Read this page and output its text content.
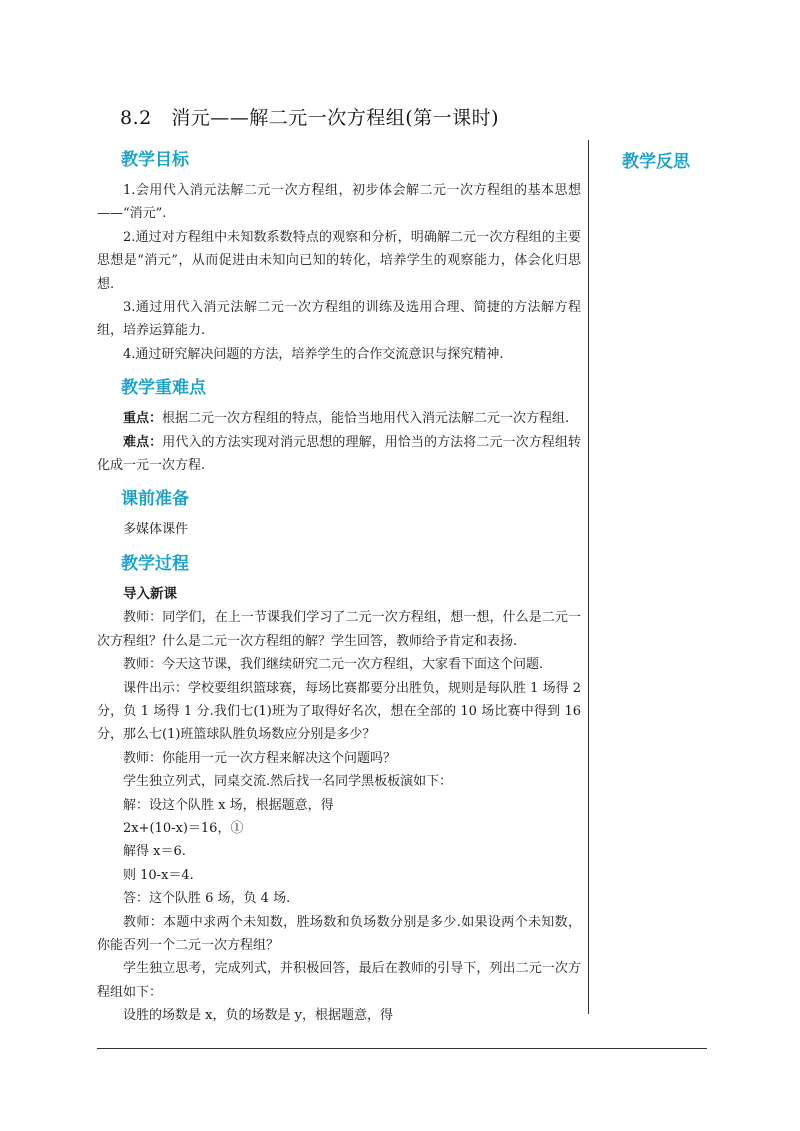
8.2　消元——解二元一次方程组(第一课时)
教学反思
教学目标

1.会用代入消元法解二元一次方程组，初步体会解二元一次方程组的基本思想——“消元”.

2.通过对方程组中未知数系数特点的观察和分析，明确解二元一次方程组的主要思想是“消元”，从而促进由未知向已知的转化，培养学生的观察能力，体会化归思想.

3.通过用代入消元法解二元一次方程组的训练及选用合理、简捷的方法解方程组，培养运算能力.

4.通过研究解决问题的方法，培养学生的合作交流意识与探究精神.

教学重难点

重点：根据二元一次方程组的特点，能恰当地用代入消元法解二元一次方程组.

难点：用代入的方法实现对消元思想的理解，用恰当的方法将二元一次方程组转化成一元一次方程.

课前准备

多媒体课件

教学过程
导入新课

教师：同学们，在上一节课我们学习了二元一次方程组，想一想，什么是二元一次方程组？什么是二元一次方程组的解？学生回答，教师给予肯定和表扬.

教师：今天这节课，我们继续研究二元一次方程组，大家看下面这个问题.

课件出示：学校要组织篮球赛，每场比赛都要分出胜负，规则是每队胜 1 场得 2 分，负 1 场得 1 分.我们七(1)班为了取得好名次，想在全部的 10 场比赛中得到 16 分，那么七(1)班篮球队胜负场数应分别是多少？

教师：你能用一元一次方程来解决这个问题吗？

学生独立列式，同桌交流.然后找一名同学黑板板演如下：

解：设这个队胜 x 场，根据题意，得

2x+(10-x)＝16，①

解得 x＝6.

则 10-x＝4.

答：这个队胜 6 场，负 4 场.

教师：本题中求两个未知数，胜场数和负场数分别是多少.如果设两个未知数，你能否列一个二元一次方程组？

学生独立思考，完成列式，并积极回答，最后在教师的引导下，列出二元一次方程组如下：

设胜的场数是 x，负的场数是 y，根据题意，得
